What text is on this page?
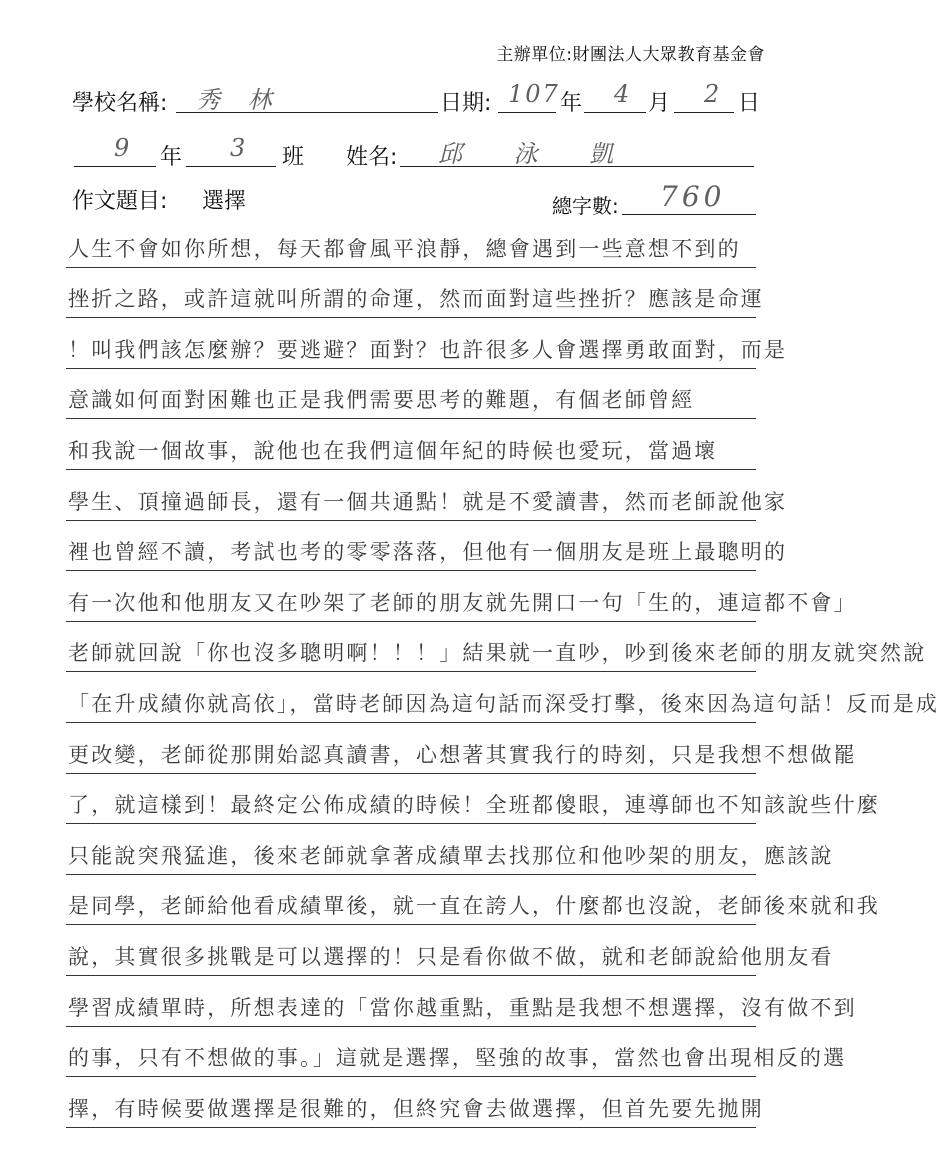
主辦單位:財團法人大眾教育基金會
學校名稱: 秀 林	日期: 107 年 4 月 2 日
9 年 3 班 姓名: 邱 泳 凱
作文題目: 選擇	總字數: 760
人生不會如你所想，每天都會風平浪靜，總會遇到一些意想不到的
挫折之路，或許這就叫所謂的命運，然而面對這些挫折？應該是命運
！叫我們該怎麼辦？要逃避？面對？也許很多人會選擇勇敢面對，而是
意識如何面對困難也正是我們需要思考的難題，有個老師曾經
和我說一個故事，說他也在我們這個年紀的時候也愛玩，當過壞
學生、頂撞過師長，還有一個共通點！就是不愛讀書，然而老師說他家
裡也曾經不讀，考試也考的零零落落，但他有一個朋友是班上最聰明的
有一次他和他朋友又在吵架了老師的朋友就先開口一句「生的，連這都不會」
老師就回說「你也沒多聰明啊！！！」結果就一直吵，吵到後來老師的朋友就突然說
「在升成績你就高依」，當時老師因為這句話而深受打擊，後來因為這句話！反而是成
更改變，老師從那開始認真讀書，心想著其實我行的時刻，只是我想不想做罷
了，就這樣到！最終定公佈成績的時候！全班都傻眼，連導師也不知該說些什麼
只能說突飛猛進，後來老師就拿著成績單去找那位和他吵架的朋友，應該說
是同學，老師給他看成績單後，就一直在誇人，什麼都也沒說，老師後來就和我
說，其實很多挑戰是可以選擇的！只是看你做不做，就和老師說給他朋友看
學習成績單時，所想表達的「當你越重點，重點是我想不想選擇，沒有做不到
的事，只有不想做的事。」這就是選擇，堅強的故事，當然也會出現相反的選
擇，有時候要做選擇是很難的，但終究會去做選擇，但首先要先拋開
